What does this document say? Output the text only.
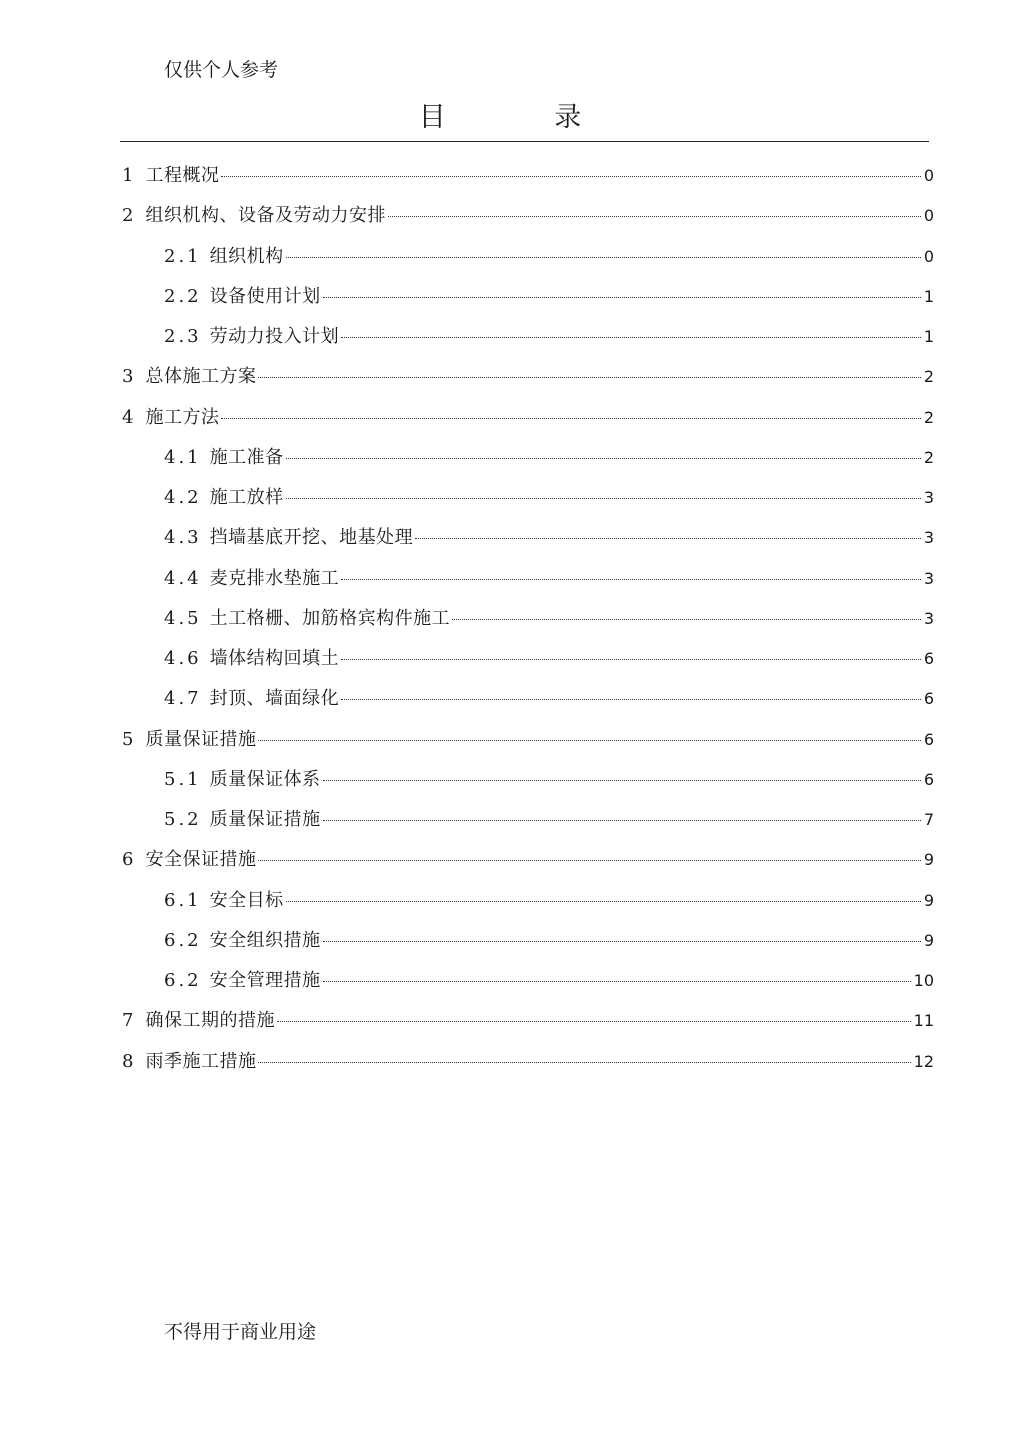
仅供个人参考
目 录
1 工程概况	0
2 组织机构、设备及劳动力安排	0
2.1 组织机构	0
2.2 设备使用计划	1
2.3 劳动力投入计划	1
3 总体施工方案	2
4 施工方法	2
4.1 施工准备	2
4.2 施工放样	3
4.3 挡墙基底开挖、地基处理	3
4.4 麦克排水垫施工	3
4.5 土工格栅、加筋格宾构件施工	3
4.6 墙体结构回填土	6
4.7 封顶、墙面绿化	6
5 质量保证措施	6
5.1 质量保证体系	6
5.2 质量保证措施	7
6 安全保证措施	9
6.1 安全目标	9
6.2 安全组织措施	9
6.2 安全管理措施	10
7 确保工期的措施	11
8 雨季施工措施	12
不得用于商业用途
